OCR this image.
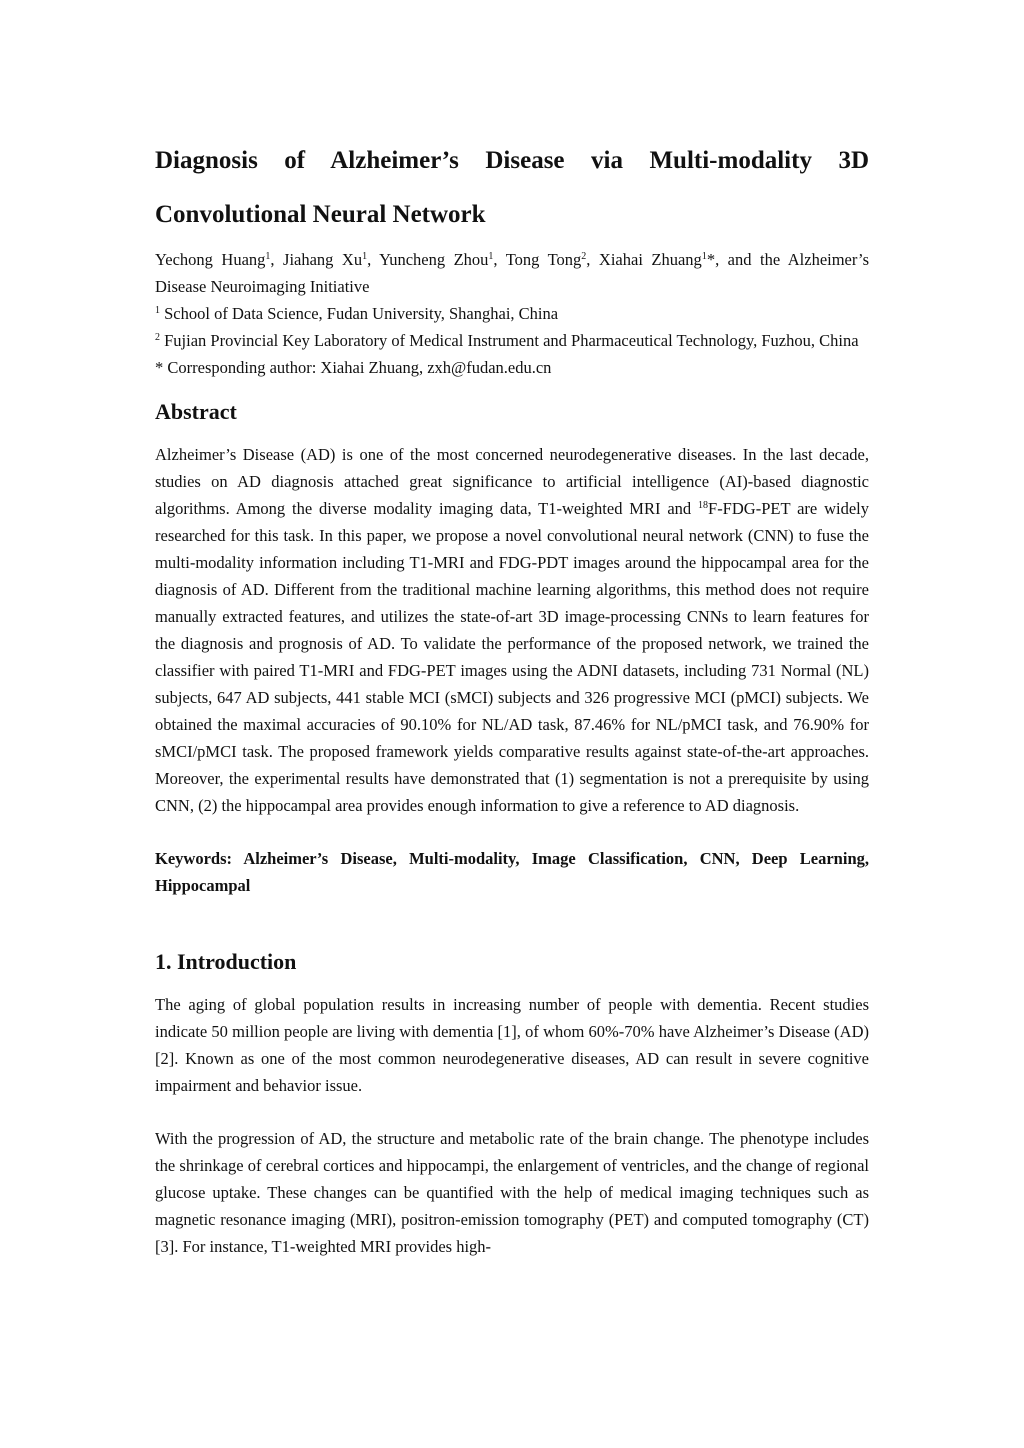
Diagnosis of Alzheimer’s Disease via Multi-modality 3D
Convolutional Neural Network
Yechong Huang$^1$, Jiahang Xu$^1$, Yuncheng Zhou$^1$, Tong Tong$^2$, Xiahai Zhuang$^1$*, and the Alzheimer’s Disease Neuroimaging Initiative
$^1$ School of Data Science, Fudan University, Shanghai, China
$^2$ Fujian Provincial Key Laboratory of Medical Instrument and Pharmaceutical Technology, Fuzhou, China
* Corresponding author: Xiahai Zhuang, zxh@fudan.edu.cn
Abstract

Alzheimer’s Disease (AD) is one of the most concerned neurodegenerative diseases. In the last decade, studies on AD diagnosis attached great significance to artificial intelligence (AI)-based diagnostic algorithms. Among the diverse modality imaging data, T1-weighted MRI and $^{18}$F-FDG-PET are widely researched for this task. In this paper, we propose a novel convolutional neural network (CNN) to fuse the multi-modality information including T1-MRI and FDG-PDT images around the hippocampal area for the diagnosis of AD. Different from the traditional machine learning algorithms, this method does not require manually extracted features, and utilizes the state-of-art 3D image-processing CNNs to learn features for the diagnosis and prognosis of AD. To validate the performance of the proposed network, we trained the classifier with paired T1-MRI and FDG-PET images using the ADNI datasets, including 731 Normal (NL) subjects, 647 AD subjects, 441 stable MCI (sMCI) subjects and 326 progressive MCI (pMCI) subjects. We obtained the maximal accuracies of 90.10% for NL/AD task, 87.46% for NL/pMCI task, and 76.90% for sMCI/pMCI task. The proposed framework yields comparative results against state-of-the-art approaches. Moreover, the experimental results have demonstrated that (1) segmentation is not a prerequisite by using CNN, (2) the hippocampal area provides enough information to give a reference to AD diagnosis.

Keywords: Alzheimer’s Disease, Multi-modality, Image Classification, CNN, Deep Learning, Hippocampal
1. Introduction

The aging of global population results in increasing number of people with dementia. Recent studies indicate 50 million people are living with dementia [1], of whom 60%-70% have Alzheimer’s Disease (AD) [2]. Known as one of the most common neurodegenerative diseases, AD can result in severe cognitive impairment and behavior issue.

With the progression of AD, the structure and metabolic rate of the brain change. The phenotype includes the shrinkage of cerebral cortices and hippocampi, the enlargement of ventricles, and the change of regional glucose uptake. These changes can be quantified with the help of medical imaging techniques such as magnetic resonance imaging (MRI), positron-emission tomography (PET) and computed tomography (CT) [3]. For instance, T1-weighted MRI provides high-
